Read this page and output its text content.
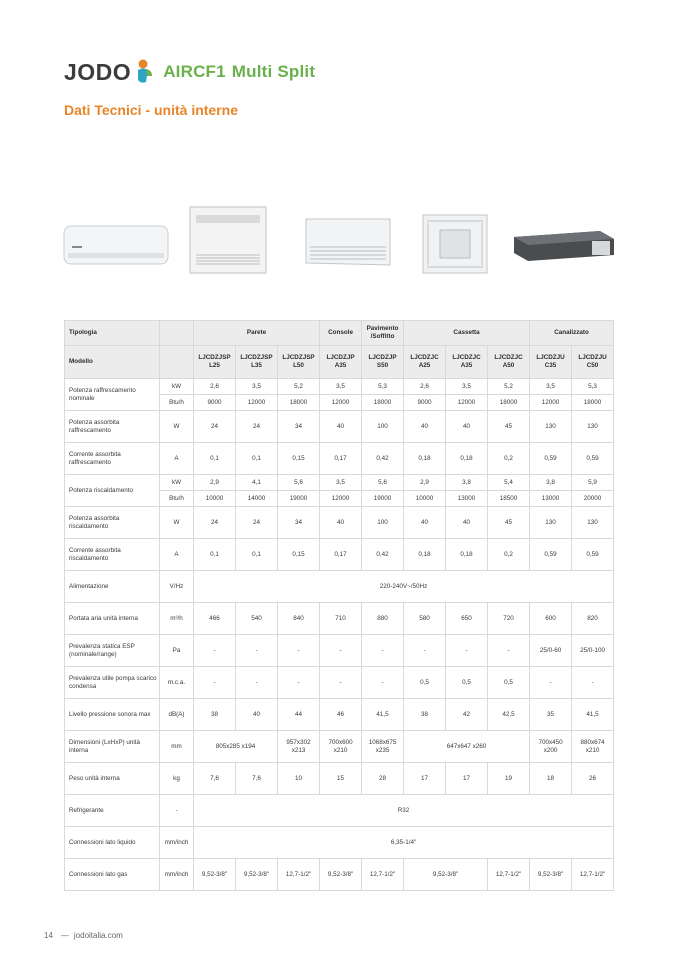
JODO AIRCF1 Multi Split
Dati Tecnici - unità interne
Tipologia		Parete			Console	Pavimento /Soffitto	Cassetta			Canalizzato	
Modello		LJCDZJSP L25	LJCDZJSP L35	LJCDZJSP L50	LJCDZJP A35	LJCDZJP S50	LJCDZJC A25	LJCDZJC A35	LJCDZJC A50	LJCDZJU C35	LJCDZJU C50
Potenza raffrescamento nominale	kW	2,6	3,5	5,2	3,5	5,3	2,6	3,5	5,2	3,5	5,3
	Btu/h	9000	12000	18000	12000	18000	9000	12000	18000	12000	18000
Potenza assorbita raffrescamento	W	24	24	34	40	100	40	40	45	130	130
Corrente assorbita raffrescamento	A	0,1	0,1	0,15	0,17	0,42	0,18	0,18	0,2	0,59	0,59
Potenza riscaldamento	kW	2,9	4,1	5,6	3,5	5,6	2,9	3,8	5,4	3,8	5,9
	Btu/h	10000	14000	19000	12000	19000	10000	13000	18500	13000	20000
Potenza assorbita riscaldamento	W	24	24	34	40	100	40	40	45	130	130
Corrente assorbita riscaldamento	A	0,1	0,1	0,15	0,17	0,42	0,18	0,18	0,2	0,59	0,59
Alimentazione	V/Hz	220-240V~/50Hz									
Portata aria unità interna	m³/h	466	540	840	710	880	580	650	720	600	820
Prevalenza statica ESP (nominale/range)	Pa	-	-	-	-	-	-	-	-	25/0-60	25/0-100
Prevalenza utile pompa scarico condensa	m.c.a.	-	-	-	-	-	0,5	0,5	0,5	-	-
Livello pressione sonora max	dB(A)	38	40	44	46	41,5	38	42	42,5	35	41,5
Dimensioni (LxHxP) unità interna	mm	805x285 x194		957x302 x213	700x600 x210	1068x675 x235	647x647 x260			700x450 x200	880x674 x210
Peso unità interna	kg	7,6	7,6	10	15	28	17	17	19	18	26
Refrigerante	-	R32									
Connessioni lato liquido	mm/inch	6,35-1/4"									
Connessioni lato gas	mm/inch	9,52-3/8"	9,52-3/8"	12,7-1/2"	9,52-3/8"	12,7-1/2"	9,52-3/8"		12,7-1/2"	9,52-3/8"	12,7-1/2"
14 — jodoitalia.com
